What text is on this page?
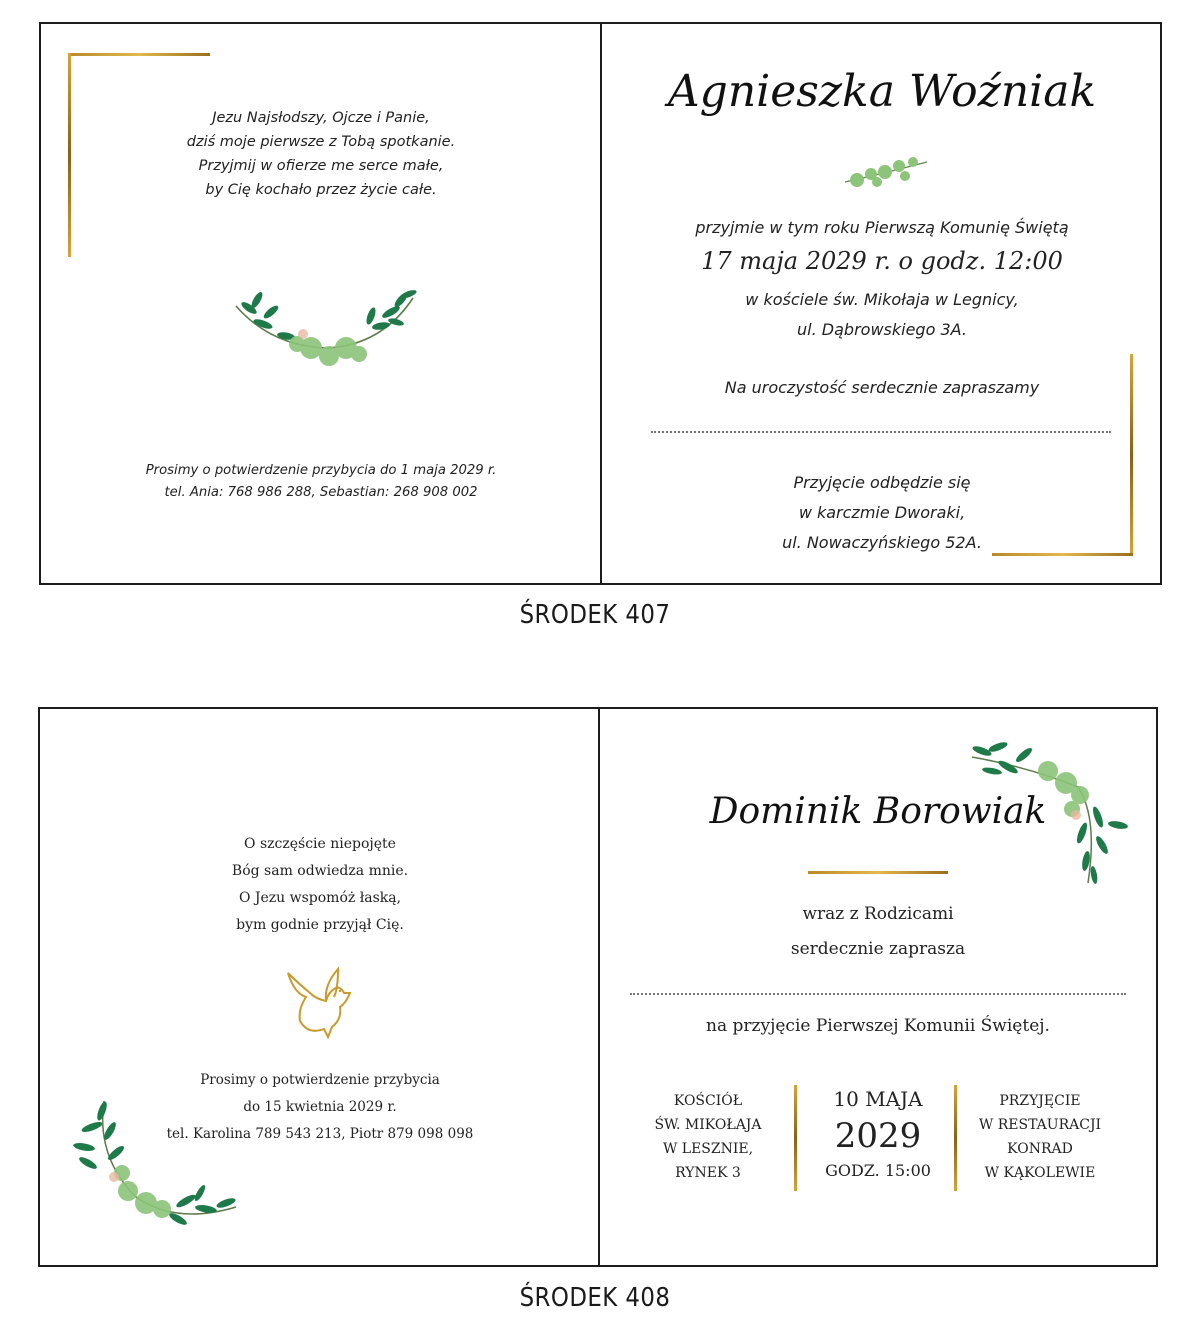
Jezu Najsłodszy, Ojcze i Panie,
dziś moje pierwsze z Tobą spotkanie.
Przyjmij w ofierze me serce małe,
by Cię kochało przez życie całe.
Prosimy o potwierdzenie przybycia do 1 maja 2029 r.
tel. Ania: 768 986 288, Sebastian: 268 908 002
Agnieszka Woźniak
przyjmie w tym roku Pierwszą Komunię Świętą
17 maja 2029 r. o godz. 12:00
w kościele św. Mikołaja w Legnicy,
ul. Dąbrowskiego 3A.
Na uroczystość serdecznie zapraszamy
Przyjęcie odbędzie się
w karczmie Dworaki,
ul. Nowaczyńskiego 52A.
ŚRODEK 407
O szczęście niepojęte
Bóg sam odwiedza mnie.
O Jezu wspomóż łaską,
bym godnie przyjął Cię.
Prosimy o potwierdzenie przybycia
do 15 kwietnia 2029 r.
tel. Karolina 789 543 213, Piotr 879 098 098
Dominik Borowiak
wraz z Rodzicami
serdecznie zaprasza
na przyjęcie Pierwszej Komunii Świętej.
KOŚCIÓŁ
ŚW. MIKOŁAJA
W LESZNIE,
RYNEK 3
10 MAJA
2029
GODZ. 15:00
PRZYJĘCIE
W RESTAURACJI
KONRAD
W KĄKOLEWIE
ŚRODEK 408
